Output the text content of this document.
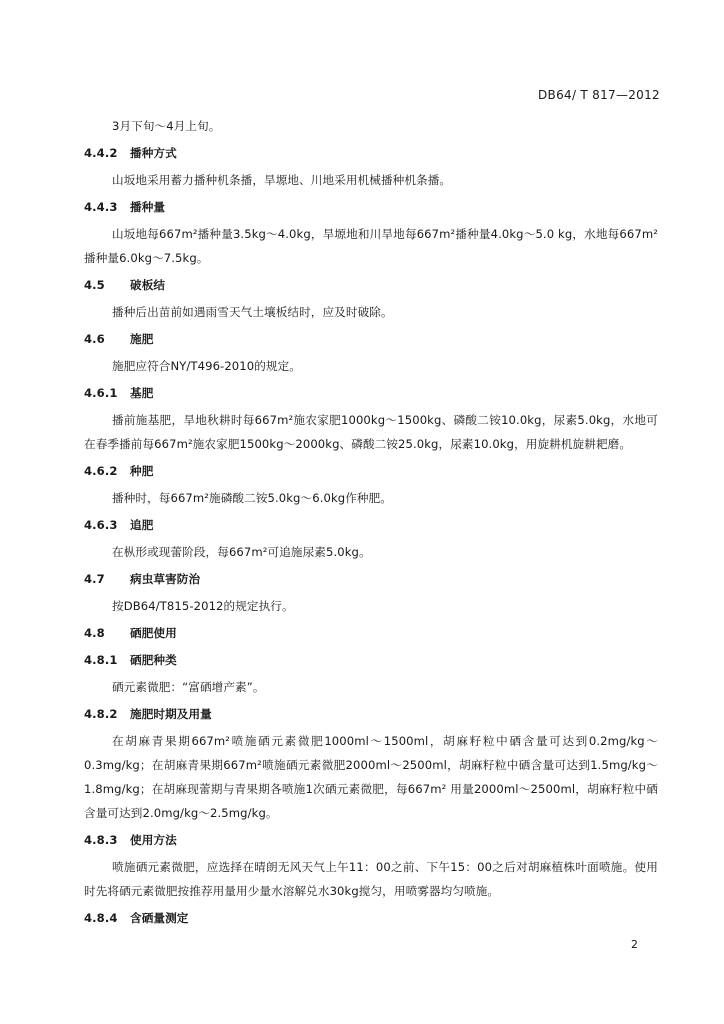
DB64/ T 817—2012

3月下旬～4月上旬。

4.4.2 播种方式

山坂地采用蓄力播种机条播，旱塬地、川地采用机械播种机条播。

4.4.3 播种量

山坂地每667m²播种量3.5kg～4.0kg，旱塬地和川旱地每667m²播种量4.0kg～5.0 kg，水地每667m²播种量6.0kg～7.5kg。

4.5 破板结

播种后出苗前如遇雨雪天气土壤板结时，应及时破除。

4.6 施肥

施肥应符合NY/T496-2010的规定。

4.6.1 基肥

播前施基肥，旱地秋耕时每667m²施农家肥1000kg～1500kg、磷酸二铵10.0kg，尿素5.0kg，水地可在春季播前每667m²施农家肥1500kg～2000kg、磷酸二铵25.0kg，尿素10.0kg，用旋耕机旋耕耙磨。

4.6.2 种肥

播种时，每667m²施磷酸二铵5.0kg～6.0kg作种肥。

4.6.3 追肥

在枞形或现蕾阶段，每667m²可追施尿素5.0kg。

4.7 病虫草害防治

按DB64/T815-2012的规定执行。

4.8 硒肥使用
4.8.1 硒肥种类

硒元素微肥：“富硒增产素”。

4.8.2 施肥时期及用量

在胡麻青果期667m²喷施硒元素微肥1000ml～1500ml，胡麻籽粒中硒含量可达到0.2mg/kg～0.3mg/kg；在胡麻青果期667m²喷施硒元素微肥2000ml～2500ml，胡麻籽粒中硒含量可达到1.5mg/kg～1.8mg/kg；在胡麻现蕾期与青果期各喷施1次硒元素微肥，每667m² 用量2000ml～2500ml，胡麻籽粒中硒含量可达到2.0mg/kg～2.5mg/kg。

4.8.3 使用方法

喷施硒元素微肥，应选择在晴朗无风天气上午11：00之前、下午15：00之后对胡麻植株叶面喷施。使用时先将硒元素微肥按推荐用量用少量水溶解兑水30kg搅匀，用喷雾器均匀喷施。

4.8.4 含硒量测定
2
